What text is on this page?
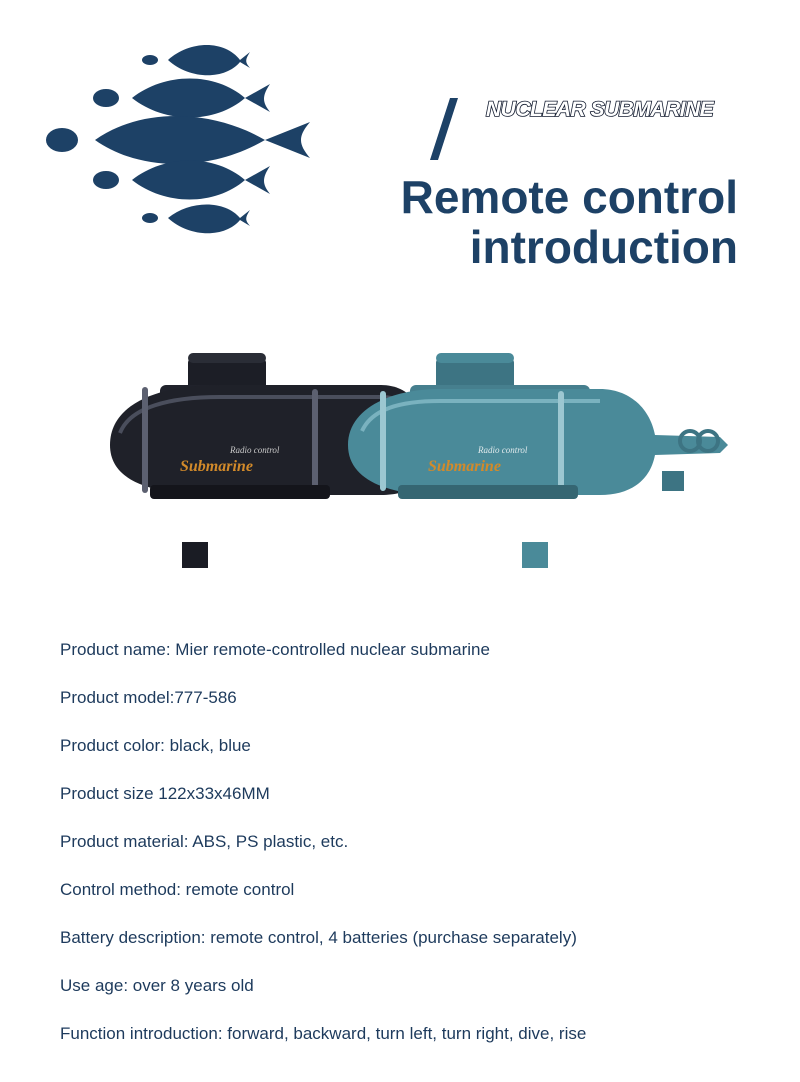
NUCLEAR SUBMARINE
Remote control
introduction
Submarine
Radio control
Submarine
Radio control
Product name: Mier remote-controlled nuclear submarine
Product model:777-586
Product color: black, blue
Product size 122x33x46MM
Product material: ABS, PS plastic, etc.
Control method: remote control
Battery description: remote control, 4 batteries (purchase separately)
Use age: over 8 years old
Function introduction: forward, backward, turn left, turn right, dive, rise
